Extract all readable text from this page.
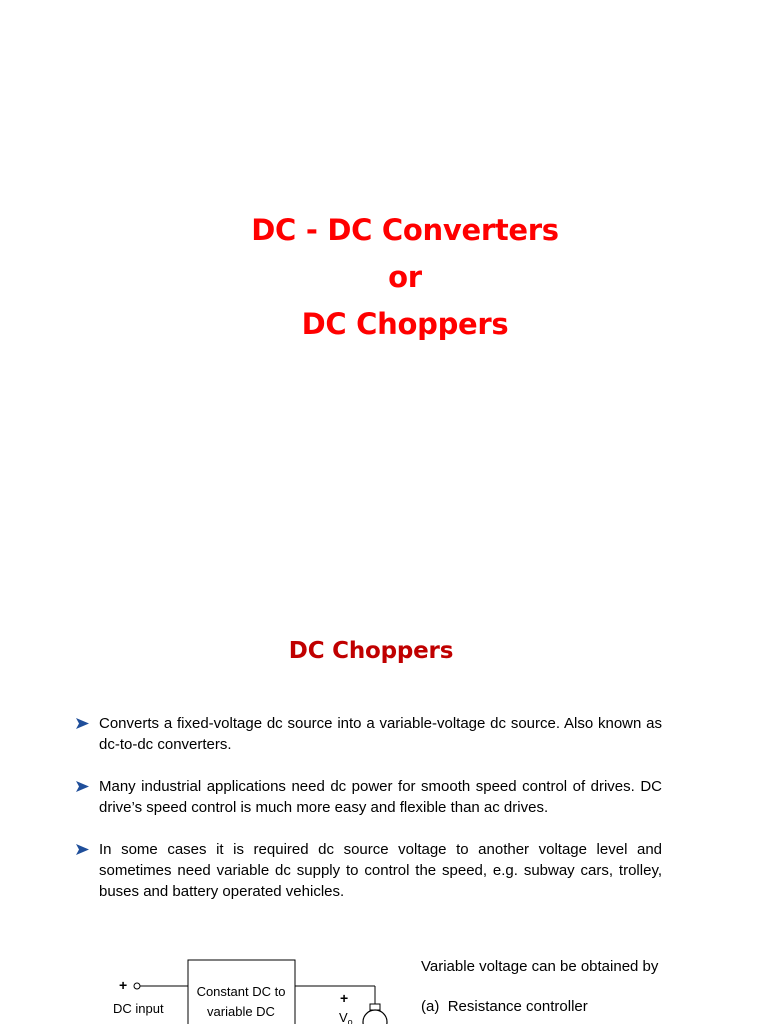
DC - DC Converters
or
DC Choppers
DC Choppers
Converts a fixed-voltage dc source into a variable-voltage dc source. Also known as dc-to-dc converters.
Many industrial applications need dc power for smooth speed control of drives. DC drive’s speed control is much more easy and flexible than ac drives.
In some cases it is required dc source voltage to another voltage level and sometimes need variable dc supply to control the speed, e.g. subway cars, trolley, buses and battery operated vehicles.
+
DC input
Constant DC to
variable DC
+
$V_o$
Variable voltage can be obtained by
(a) Resistance controller
